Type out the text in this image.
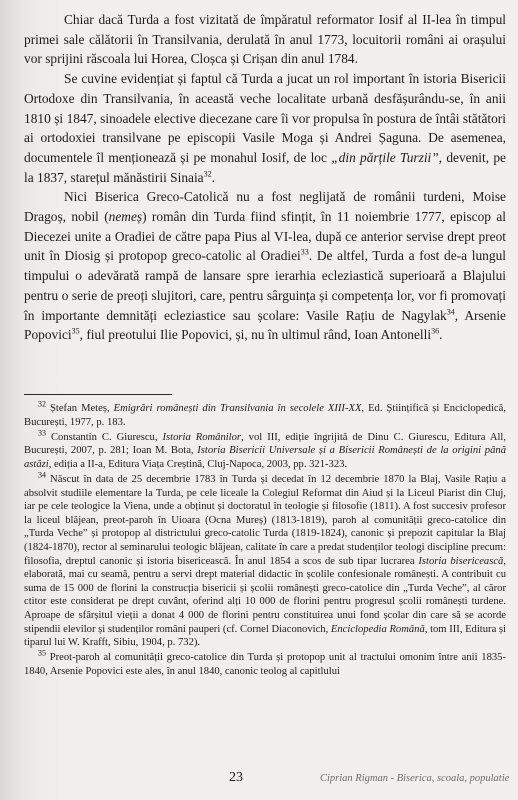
Chiar dacă Turda a fost vizitată de împăratul reformator Iosif al II-lea în timpul primei sale călătorii în Transilvania, derulată în anul 1773, locuitorii români ai orașului vor sprijini răscoala lui Horea, Cloșca și Crișan din anul 1784.

Se cuvine evidențiat și faptul că Turda a jucat un rol important în istoria Bisericii Ortodoxe din Transilvania, în această veche localitate urbană desfășurându-se, în anii 1810 și 1847, sinoadele elective diecezane care îi vor propulsa în postura de întâi stătători ai ortodoxiei transilvane pe episcopii Vasile Moga și Andrei Șaguna. De asemenea, documentele îl menționează și pe monahul Iosif, de loc „din părțile Turzii”, devenit, pe la 1837, starețul mănăstirii Sinaia$^{32}$.

Nici Biserica Greco-Catolică nu a fost neglijată de românii turdeni, Moise Dragoș, nobil (nemeș) român din Turda fiind sfințit, în 11 noiembrie 1777, episcop al Diecezei unite a Oradiei de către papa Pius al VI-lea, după ce anterior servise drept preot unit în Diosig și protopop greco-catolic al Oradiei$^{33}$. De altfel, Turda a fost de-a lungul timpului o adevărată rampă de lansare spre ierarhia ecleziastică superioară a Blajului pentru o serie de preoți slujitori, care, pentru sârguința și competența lor, vor fi promovați în importante demnități ecleziastice sau școlare: Vasile Rațiu de Nagylak$^{34}$, Arsenie Popovici$^{35}$, fiul preotului Ilie Popovici, și, nu în ultimul rând, Ioan Antonelli$^{36}$.

$^{32}$ Ștefan Meteș, Emigrări românești din Transilvania în secolele XIII-XX, Ed. Științifică și Enciclopedică, București, 1977, p. 183.

$^{33}$ Constantin C. Giurescu, Istoria Românilor, vol III, ediție îngrijită de Dinu C. Giurescu, Editura All, București, 2007, p. 281; Ioan M. Bota, Istoria Bisericii Universale și a Bisericii Românești de la origini până astăzi, ediția a II-a, Editura Viața Creștină, Cluj-Napoca, 2003, pp. 321-323.

$^{34}$ Născut în data de 25 decembrie 1783 în Turda și decedat în 12 decembrie 1870 la Blaj, Vasile Rațiu a absolvit studiile elementare la Turda, pe cele liceale la Colegiul Reformat din Aiud și la Liceul Piarist din Cluj, iar pe cele teologice la Viena, unde a obținut și doctoratul în teologie și filosofie (1811). A fost succesiv profesor la liceul blăjean, preot-paroh în Uioara (Ocna Mureș) (1813-1819), paroh al comunității greco-catolice din „Turda Veche” și protopop al districtului greco-catolic Turda (1819-1824), canonic și prepozit capitular la Blaj (1824-1870), rector al seminarului teologic blăjean, calitate în care a predat studenților teologi discipline precum: filosofia, dreptul canonic și istoria bisericească. În anul 1854 a scos de sub tipar lucrarea Istoria bisericească, elaborată, mai cu seamă, pentru a servi drept material didactic în școlile confesionale românești. A contribuit cu suma de 15 000 de florini la construcția bisericii și școlii românești greco-catolice din „Turda Veche”, al căror ctitor este considerat pe drept cuvânt, oferind alți 10 000 de florini pentru progresul școlii românești turdene. Aproape de sfârșitul vieții a donat 4 000 de florini pentru constituirea unui fond școlar din care să se acorde stipendii elevilor și studenților români pauperi (cf. Cornel Diaconovich, Enciclopedia Română, tom III, Editura și tiparul lui W. Krafft, Sibiu, 1904, p. 732).

$^{35}$ Preot-paroh al comunității greco-catolice din Turda și protopop unit al tractului omonim între anii 1835-1840, Arsenie Popovici este ales, în anul 1840, canonic teolog al capitlului

23	Ciprian Rigman - Biserica, scoala, populatie
